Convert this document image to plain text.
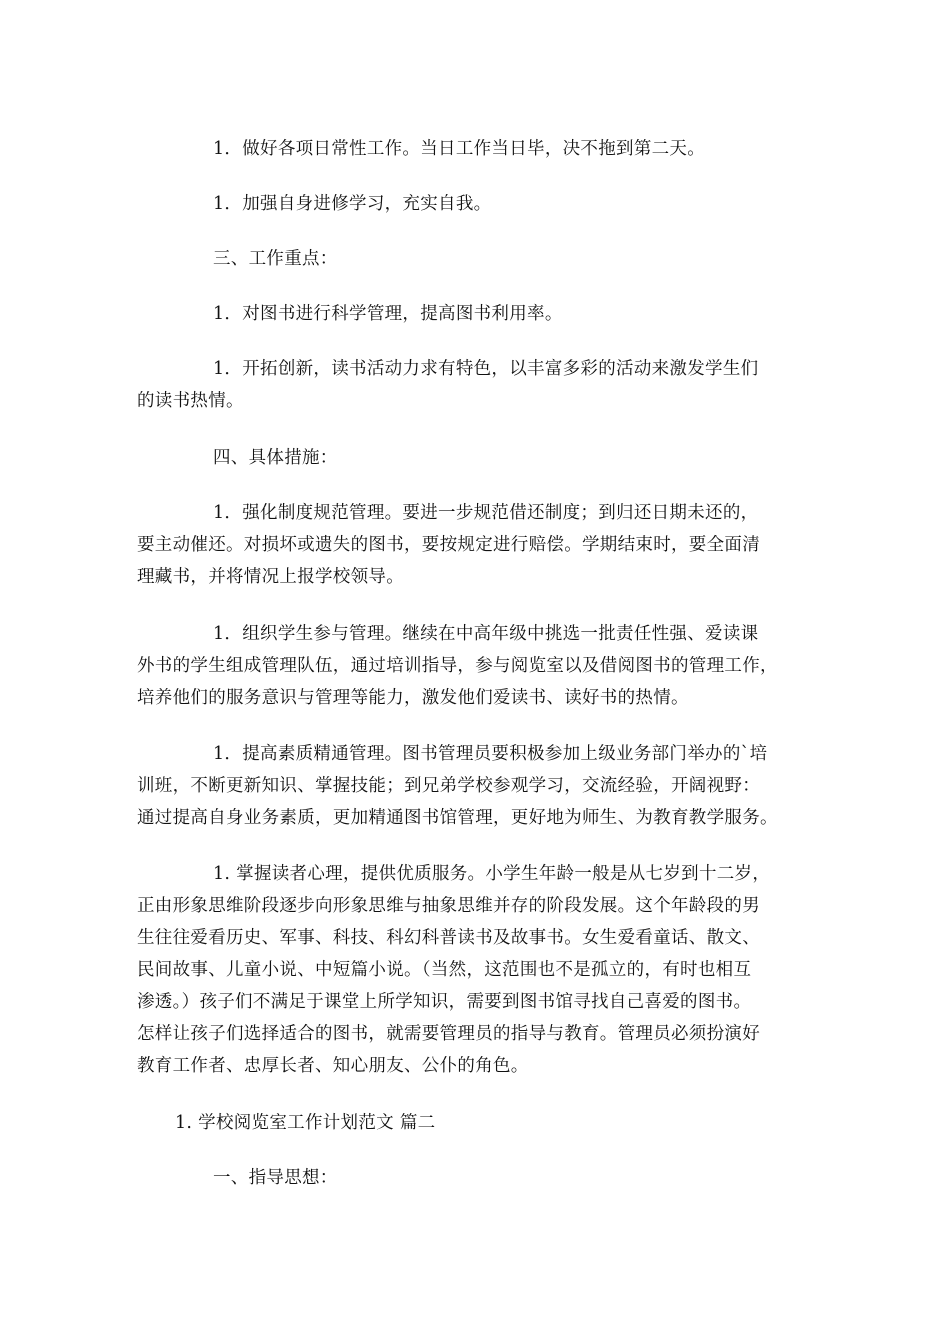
1．做好各项日常性工作。当日工作当日毕，决不拖到第二天。
1．加强自身进修学习，充实自我。
三、工作重点：
1．对图书进行科学管理，提高图书利用率。
1．开拓创新，读书活动力求有特色，以丰富多彩的活动来激发学生们
的读书热情。
四、具体措施：
1．强化制度规范管理。要进一步规范借还制度；到归还日期未还的，
要主动催还。对损坏或遗失的图书，要按规定进行赔偿。学期结束时，要全面清
理藏书，并将情况上报学校领导。
1．组织学生参与管理。继续在中高年级中挑选一批责任性强、爱读课
外书的学生组成管理队伍，通过培训指导，参与阅览室以及借阅图书的管理工作，
培养他们的服务意识与管理等能力，激发他们爱读书、读好书的热情。
1．提高素质精通管理。图书管理员要积极参加上级业务部门举办的`培
训班，不断更新知识、掌握技能；到兄弟学校参观学习，交流经验，开阔视野：
通过提高自身业务素质，更加精通图书馆管理，更好地为师生、为教育教学服务。
1. 掌握读者心理，提供优质服务。小学生年龄一般是从七岁到十二岁，
正由形象思维阶段逐步向形象思维与抽象思维并存的阶段发展。这个年龄段的男
生往往爱看历史、军事、科技、科幻科普读书及故事书。女生爱看童话、散文、
民间故事、儿童小说、中短篇小说。（当然，这范围也不是孤立的，有时也相互
渗透。）孩子们不满足于课堂上所学知识，需要到图书馆寻找自己喜爱的图书。
怎样让孩子们选择适合的图书，就需要管理员的指导与教育。管理员必须扮演好
教育工作者、忠厚长者、知心朋友、公仆的角色。
1. 学校阅览室工作计划范文 篇二
一、指导思想：
